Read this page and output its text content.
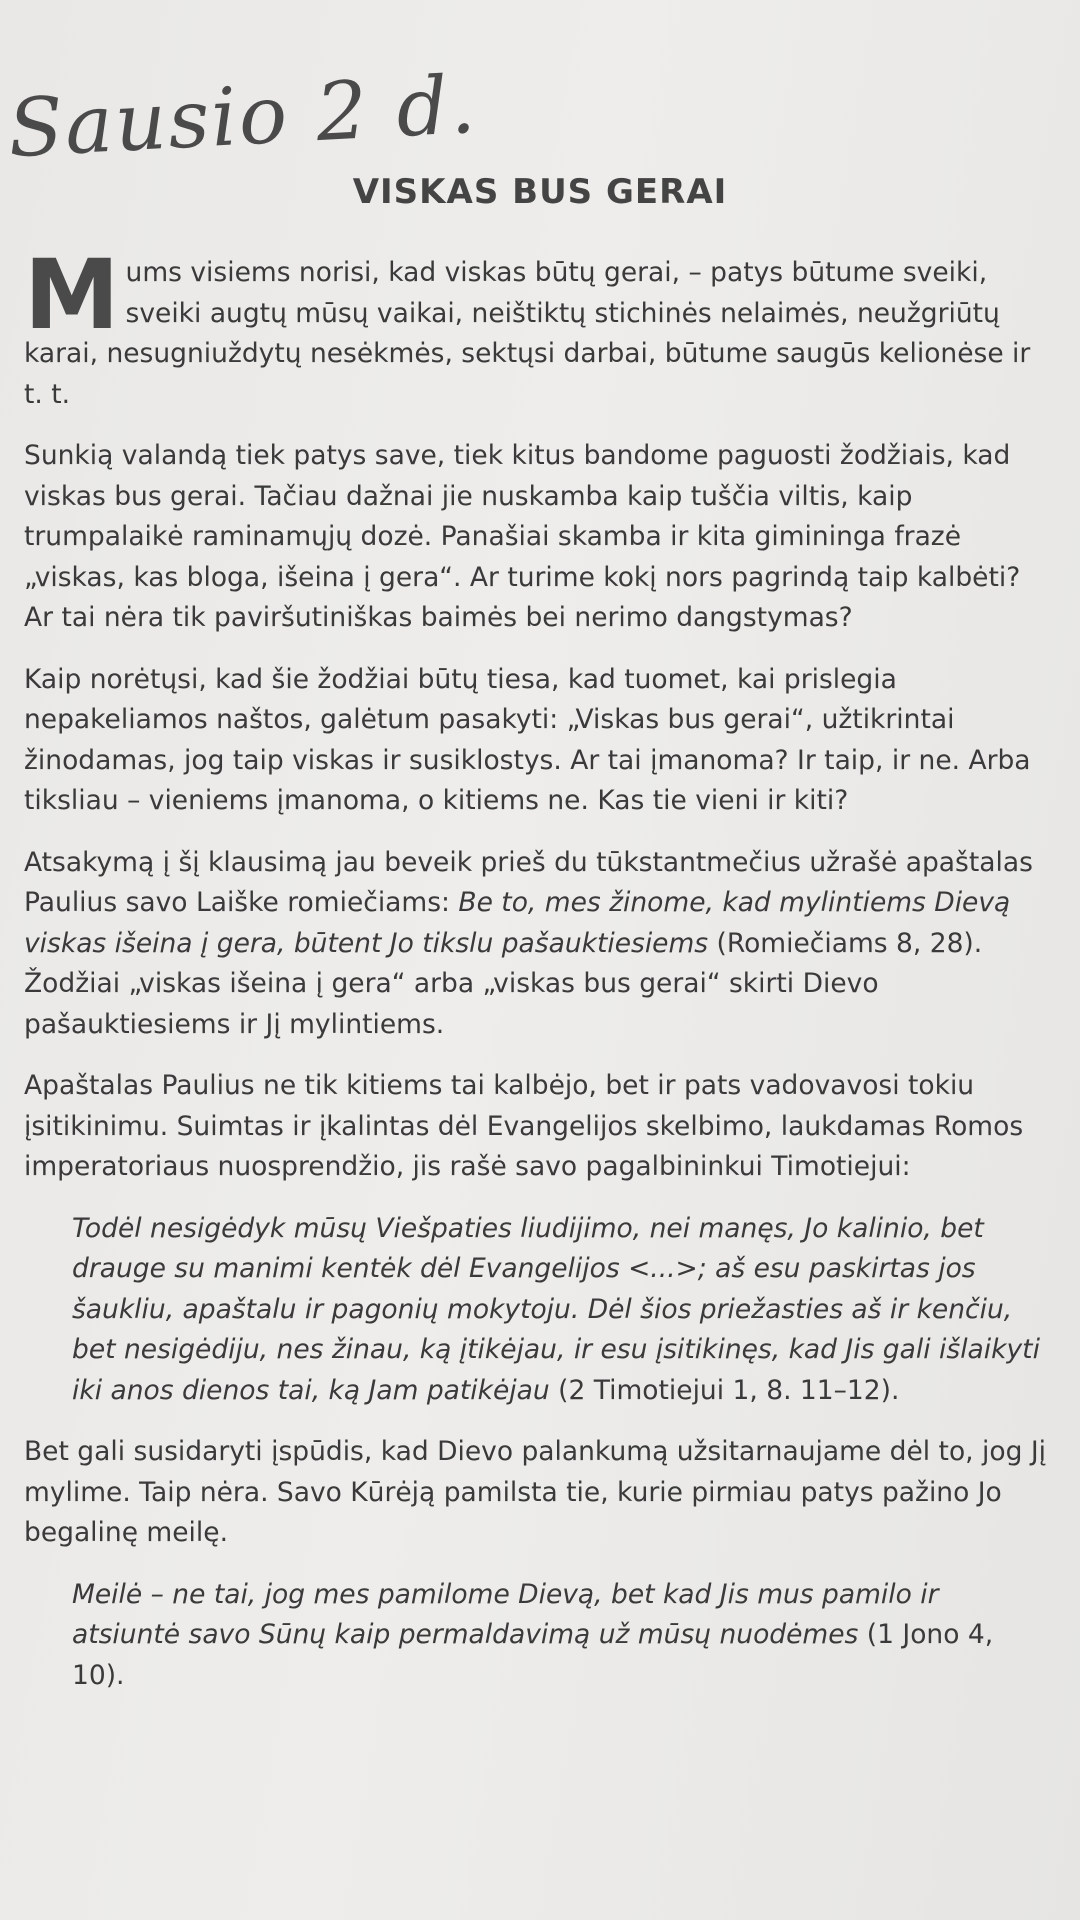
Sausio 2 d.
VISKAS BUS GERAI

Mums visiems norisi, kad viskas būtų gerai, – patys būtume sveiki, sveiki augtų mūsų vaikai, neištiktų stichinės nelaimės, neužgriūtų karai, nesugniuždytų nesėkmės, sektųsi darbai, būtume saugūs kelionėse ir t. t.

Sunkią valandą tiek patys save, tiek kitus bandome paguosti žodžiais, kad viskas bus gerai. Tačiau dažnai jie nuskamba kaip tuščia viltis, kaip trumpalaikė raminamųjų dozė. Panašiai skamba ir kita gimininga frazė „viskas, kas bloga, išeina į gera“. Ar turime kokį nors pagrindą taip kalbėti? Ar tai nėra tik paviršutiniškas baimės bei nerimo dangstymas?

Kaip norėtųsi, kad šie žodžiai būtų tiesa, kad tuomet, kai prislegia nepakeliamos naštos, galėtum pasakyti: „Viskas bus gerai“, užtikrintai žinodamas, jog taip viskas ir susiklostys. Ar tai įmanoma? Ir taip, ir ne. Arba tiksliau – vieniems įmanoma, o kitiems ne. Kas tie vieni ir kiti?

Atsakymą į šį klausimą jau beveik prieš du tūkstantmečius užrašė apaštalas Paulius savo Laiške romiečiams: Be to, mes žinome, kad mylintiems Dievą viskas išeina į gera, būtent Jo tikslu pašauktiesiems (Romiečiams 8, 28). Žodžiai „viskas išeina į gera“ arba „viskas bus gerai“ skirti Dievo pašauktiesiems ir Jį mylintiems.

Apaštalas Paulius ne tik kitiems tai kalbėjo, bet ir pats vadovavosi tokiu įsitikinimu. Suimtas ir įkalintas dėl Evangelijos skelbimo, laukdamas Romos imperatoriaus nuosprendžio, jis rašė savo pagalbininkui Timotiejui:

Todėl nesigėdyk mūsų Viešpaties liudijimo, nei manęs, Jo kalinio, bet drauge su manimi kentėk dėl Evangelijos <...>; aš esu paskirtas jos šaukliu, apaštalu ir pagonių mokytoju. Dėl šios priežasties aš ir kenčiu, bet nesigėdiju, nes žinau, ką įtikėjau, ir esu įsitikinęs, kad Jis gali išlaikyti iki anos dienos tai, ką Jam patikėjau (2 Timotiejui 1, 8. 11–12).

Bet gali susidaryti įspūdis, kad Dievo palankumą užsitarnaujame dėl to, jog Jį mylime. Taip nėra. Savo Kūrėją pamilsta tie, kurie pirmiau patys pažino Jo begalinę meilę.

Meilė – ne tai, jog mes pamilome Dievą, bet kad Jis mus pamilo ir atsiuntė savo Sūnų kaip permaldavimą už mūsų nuodėmes (1 Jono 4, 10).
